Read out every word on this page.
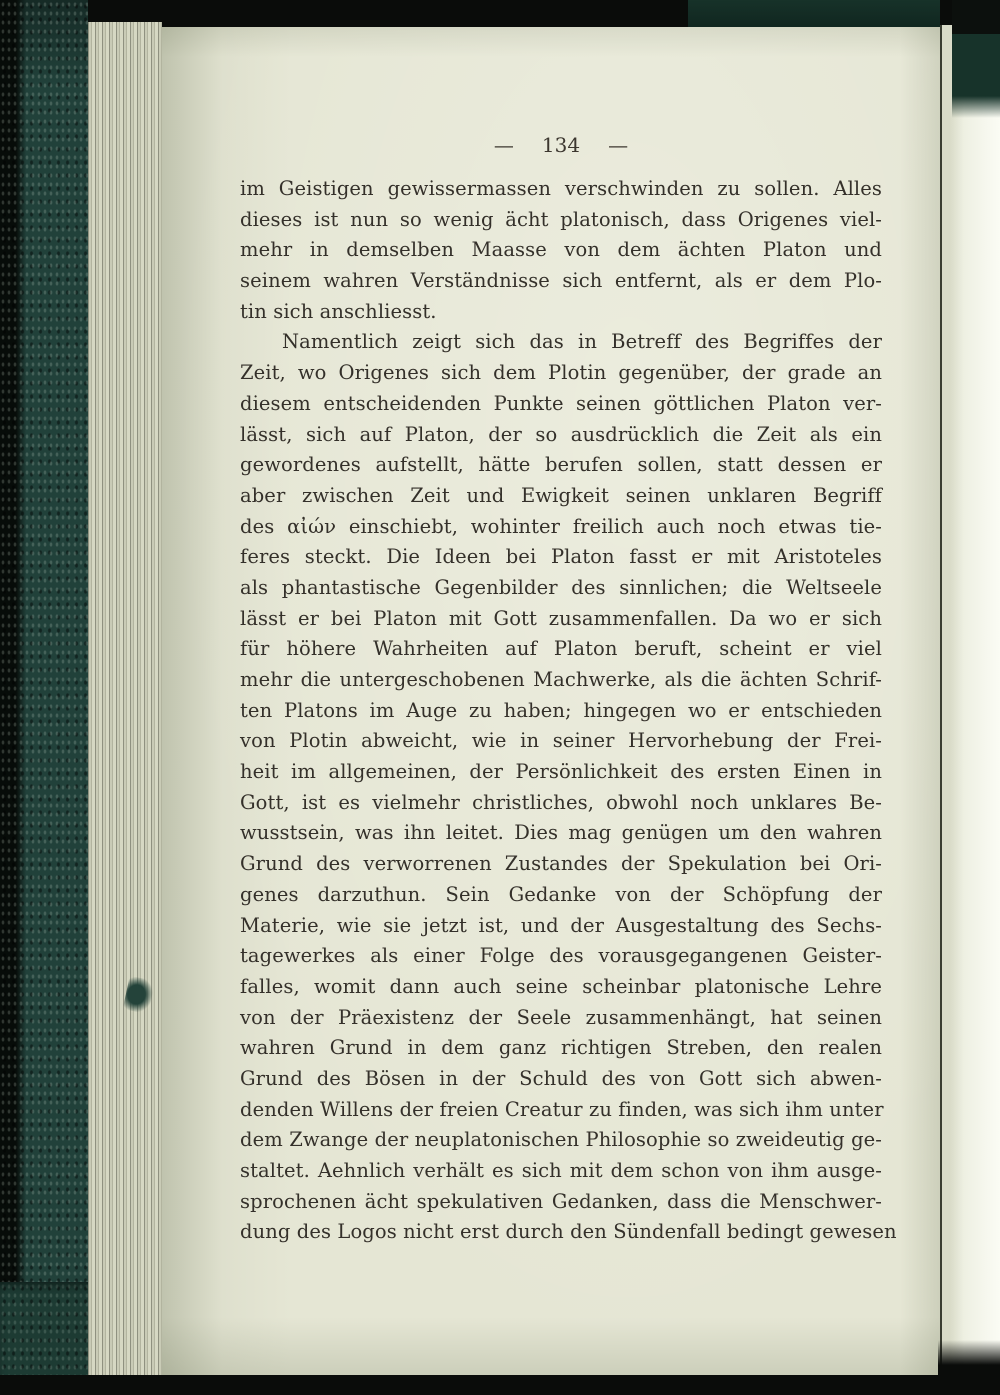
— 134 —
im Geistigen gewissermassen verschwinden zu sollen. Alles
dieses ist nun so wenig ächt platonisch, dass Origenes viel-
mehr in demselben Maasse von dem ächten Platon und
seinem wahren Verständnisse sich entfernt, als er dem Plo-
tin sich anschliesst.
Namentlich zeigt sich das in Betreff des Begriffes der
Zeit, wo Origenes sich dem Plotin gegenüber, der grade an
diesem entscheidenden Punkte seinen göttlichen Platon ver-
lässt, sich auf Platon, der so ausdrücklich die Zeit als ein
gewordenes aufstellt, hätte berufen sollen, statt dessen er
aber zwischen Zeit und Ewigkeit seinen unklaren Begriff
des αἰών einschiebt, wohinter freilich auch noch etwas tie-
feres steckt. Die Ideen bei Platon fasst er mit Aristoteles
als phantastische Gegenbilder des sinnlichen; die Weltseele
lässt er bei Platon mit Gott zusammenfallen. Da wo er sich
für höhere Wahrheiten auf Platon beruft, scheint er viel
mehr die untergeschobenen Machwerke, als die ächten Schrif-
ten Platons im Auge zu haben; hingegen wo er entschieden
von Plotin abweicht, wie in seiner Hervorhebung der Frei-
heit im allgemeinen, der Persönlichkeit des ersten Einen in
Gott, ist es vielmehr christliches, obwohl noch unklares Be-
wusstsein, was ihn leitet. Dies mag genügen um den wahren
Grund des verworrenen Zustandes der Spekulation bei Ori-
genes darzuthun. Sein Gedanke von der Schöpfung der
Materie, wie sie jetzt ist, und der Ausgestaltung des Sechs-
tagewerkes als einer Folge des vorausgegangenen Geister-
falles, womit dann auch seine scheinbar platonische Lehre
von der Präexistenz der Seele zusammenhängt, hat seinen
wahren Grund in dem ganz richtigen Streben, den realen
Grund des Bösen in der Schuld des von Gott sich abwen-
denden Willens der freien Creatur zu finden, was sich ihm unter
dem Zwange der neuplatonischen Philosophie so zweideutig ge-
staltet. Aehnlich verhält es sich mit dem schon von ihm ausge-
sprochenen ächt spekulativen Gedanken, dass die Menschwer-
dung des Logos nicht erst durch den Sündenfall bedingt gewesen
